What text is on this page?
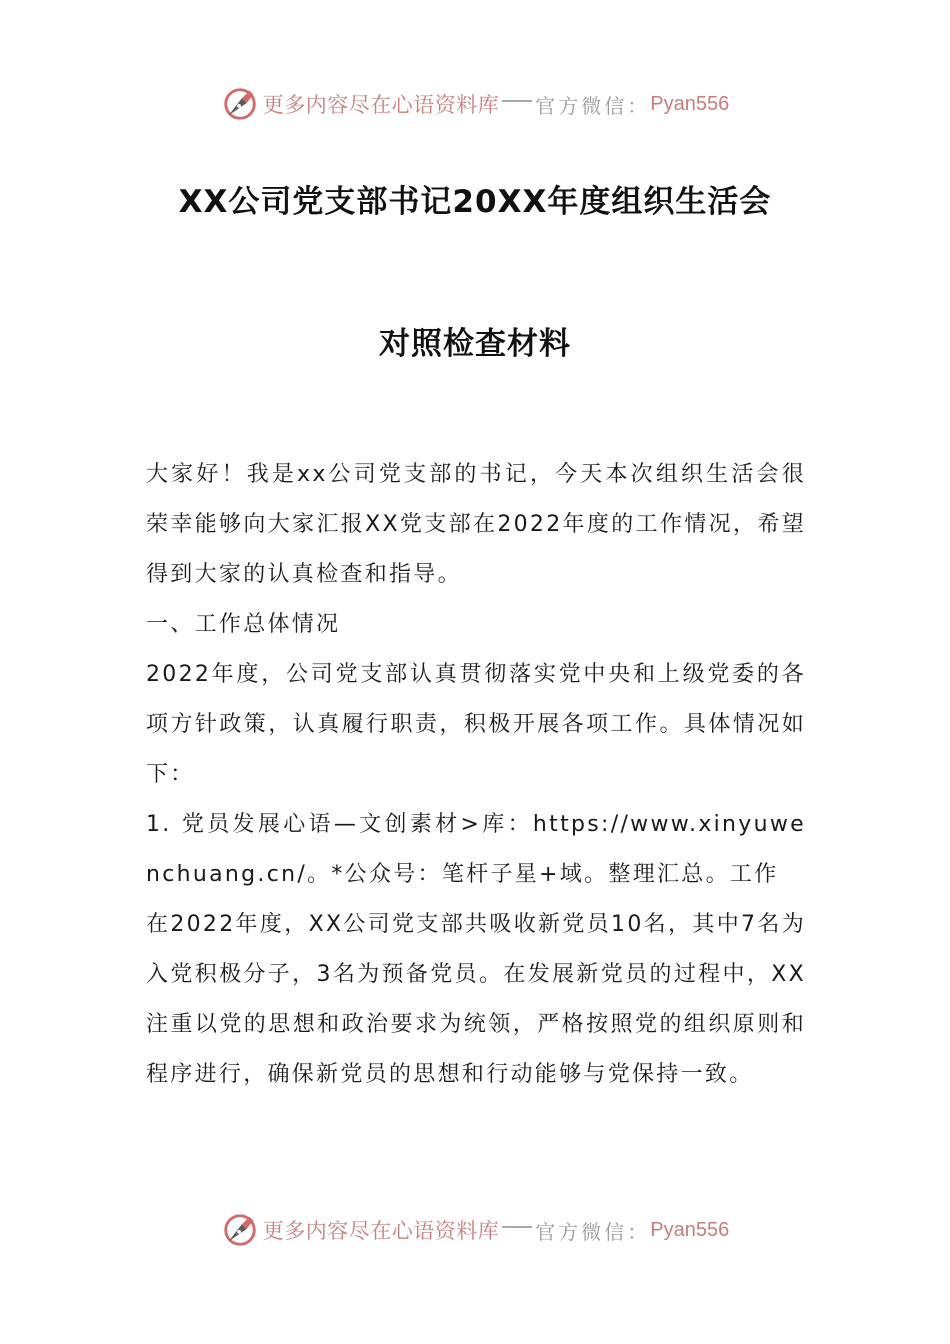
更多内容尽在心语资料库 官方微信： Pyan556
XX公司党支部书记20XX年度组织生活会
对照检查材料

大家好！我是xx公司党支部的书记，今天本次组织生活会很荣幸能够向大家汇报XX党支部在2022年度的工作情况，希望得到大家的认真检查和指导。

一、工作总体情况

2022年度，公司党支部认真贯彻落实党中央和上级党委的各项方针政策，认真履行职责，积极开展各项工作。具体情况如下：

1. 党员发展心语—文创素材>库：https://www.xinyuwenchuang.cn/。*公众号：笔杆子星+域。整理汇总。工作

在2022年度，XX公司党支部共吸收新党员10名，其中7名为入党积极分子，3名为预备党员。在发展新党员的过程中，XX注重以党的思想和政治要求为统领，严格按照党的组织原则和程序进行，确保新党员的思想和行动能够与党保持一致。

更多内容尽在心语资料库 官方微信： Pyan556
